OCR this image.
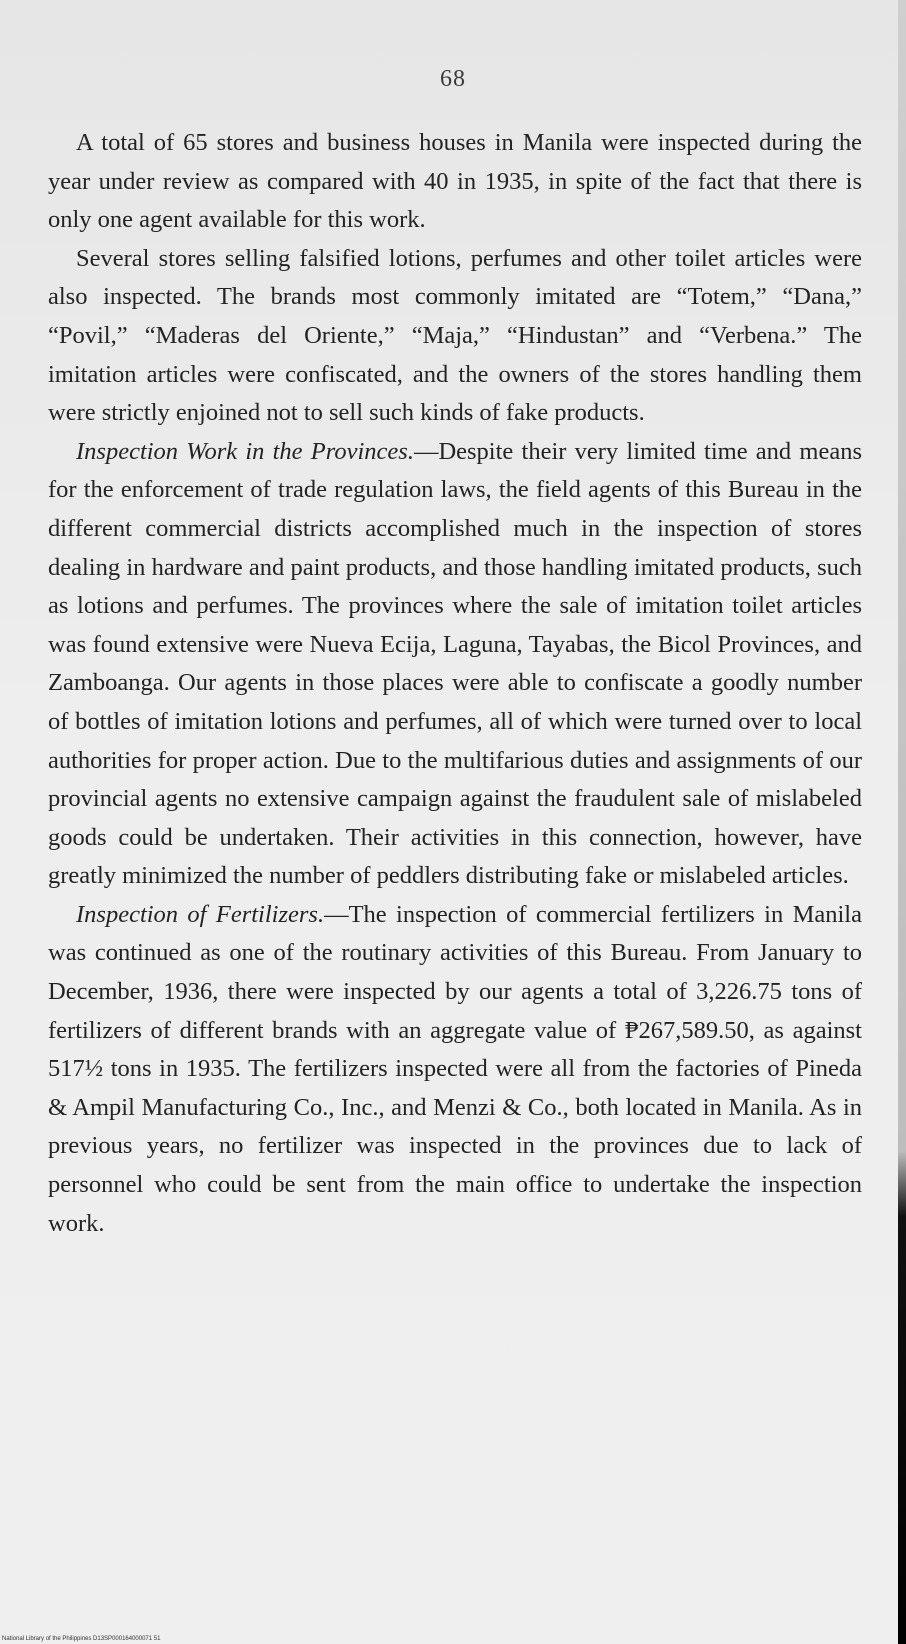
68

A total of 65 stores and business houses in Manila were inspected during the year under review as compared with 40 in 1935, in spite of the fact that there is only one agent available for this work.

Several stores selling falsified lotions, perfumes and other toilet articles were also inspected. The brands most commonly imitated are “Totem,” “Dana,” “Povil,” “Maderas del Oriente,” “Maja,” “Hindustan” and “Verbena.” The imitation articles were confiscated, and the owners of the stores handling them were strictly enjoined not to sell such kinds of fake products.

Inspection Work in the Provinces.—Despite their very limited time and means for the enforcement of trade regulation laws, the field agents of this Bureau in the different commercial districts accomplished much in the inspection of stores dealing in hardware and paint products, and those handling imitated products, such as lotions and perfumes. The provinces where the sale of imitation toilet articles was found extensive were Nueva Ecija, Laguna, Tayabas, the Bicol Provinces, and Zamboanga. Our agents in those places were able to confiscate a goodly number of bottles of imitation lotions and perfumes, all of which were turned over to local authorities for proper action. Due to the multifarious duties and assignments of our provincial agents no extensive campaign against the fraudulent sale of mislabeled goods could be undertaken. Their activities in this connection, however, have greatly minimized the number of peddlers distributing fake or mislabeled articles.

Inspection of Fertilizers.—The inspection of commercial fertilizers in Manila was continued as one of the routinary activities of this Bureau. From January to December, 1936, there were inspected by our agents a total of 3,226.75 tons of fertilizers of different brands with an aggregate value of ₱267,589.50, as against 517½ tons in 1935. The fertilizers inspected were all from the factories of Pineda & Ampil Manufacturing Co., Inc., and Menzi & Co., both located in Manila. As in previous years, no fertilizer was inspected in the provinces due to lack of personnel who could be sent from the main office to undertake the inspection work.

National Library of the Philippines D13SP000164000071 51
